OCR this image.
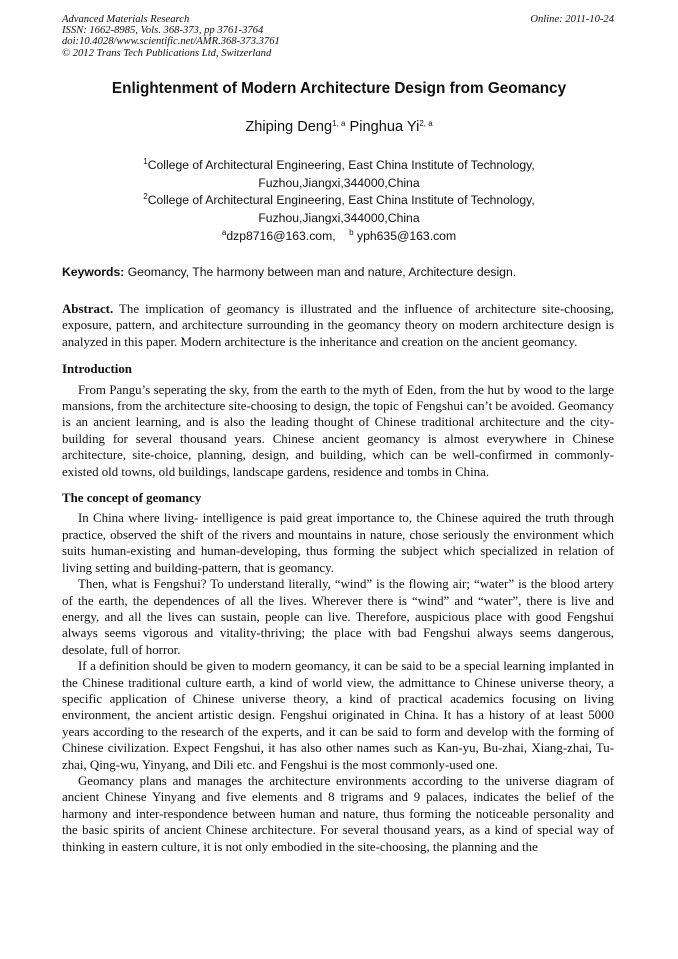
Advanced Materials Research
ISSN: 1662-8985, Vols. 368-373, pp 3761-3764
doi:10.4028/www.scientific.net/AMR.368-373.3761
© 2012 Trans Tech Publications Ltd, Switzerland
Online: 2011-10-24
Enlightenment of Modern Architecture Design from Geomancy
Zhiping Deng$^{1, a}$ Pinghua Yi$^{2, a}$
$^1$College of Architectural Engineering, East China Institute of Technology,
Fuzhou,Jiangxi,344000,China
$^2$College of Architectural Engineering, East China Institute of Technology,
Fuzhou,Jiangxi,344000,China
$^a$dzp8716@163.com, $^b$ yph635@163.com
Keywords: Geomancy, The harmony between man and nature, Architecture design.

Abstract. The implication of geomancy is illustrated and the influence of architecture site-choosing, exposure, pattern, and architecture surrounding in the geomancy theory on modern architecture design is analyzed in this paper. Modern architecture is the inheritance and creation on the ancient geomancy.

Introduction

From Pangu’s seperating the sky, from the earth to the myth of Eden, from the hut by wood to the large mansions, from the architecture site-choosing to design, the topic of Fengshui can’t be avoided. Geomancy is an ancient learning, and is also the leading thought of Chinese traditional architecture and the city-building for several thousand years. Chinese ancient geomancy is almost everywhere in Chinese architecture, site-choice, planning, design, and building, which can be well-confirmed in commonly-existed old towns, old buildings, landscape gardens, residence and tombs in China.

The concept of geomancy

In China where living- intelligence is paid great importance to, the Chinese aquired the truth through practice, observed the shift of the rivers and mountains in nature, chose seriously the environment which suits human-existing and human-developing, thus forming the subject which specialized in relation of living setting and building-pattern, that is geomancy.

Then, what is Fengshui? To understand literally, “wind” is the flowing air; “water” is the blood artery of the earth, the dependences of all the lives. Wherever there is “wind” and “water”, there is live and energy, and all the lives can sustain, people can live. Therefore, auspicious place with good Fengshui always seems vigorous and vitality-thriving; the place with bad Fengshui always seems dangerous, desolate, full of horror.

If a definition should be given to modern geomancy, it can be said to be a special learning implanted in the Chinese traditional culture earth, a kind of world view, the admittance to Chinese universe theory, a specific application of Chinese universe theory, a kind of practical academics focusing on living environment, the ancient artistic design. Fengshui originated in China. It has a history of at least 5000 years according to the research of the experts, and it can be said to form and develop with the forming of Chinese civilization. Expect Fengshui, it has also other names such as Kan-yu, Bu-zhai, Xiang-zhai, Tu-zhai, Qing-wu, Yinyang, and Dili etc. and Fengshui is the most commonly-used one.

Geomancy plans and manages the architecture environments according to the universe diagram of ancient Chinese Yinyang and five elements and 8 trigrams and 9 palaces, indicates the belief of the harmony and inter-respondence between human and nature, thus forming the noticeable personality and the basic spirits of ancient Chinese architecture. For several thousand years, as a kind of special way of thinking in eastern culture, it is not only embodied in the site-choosing, the planning and the
